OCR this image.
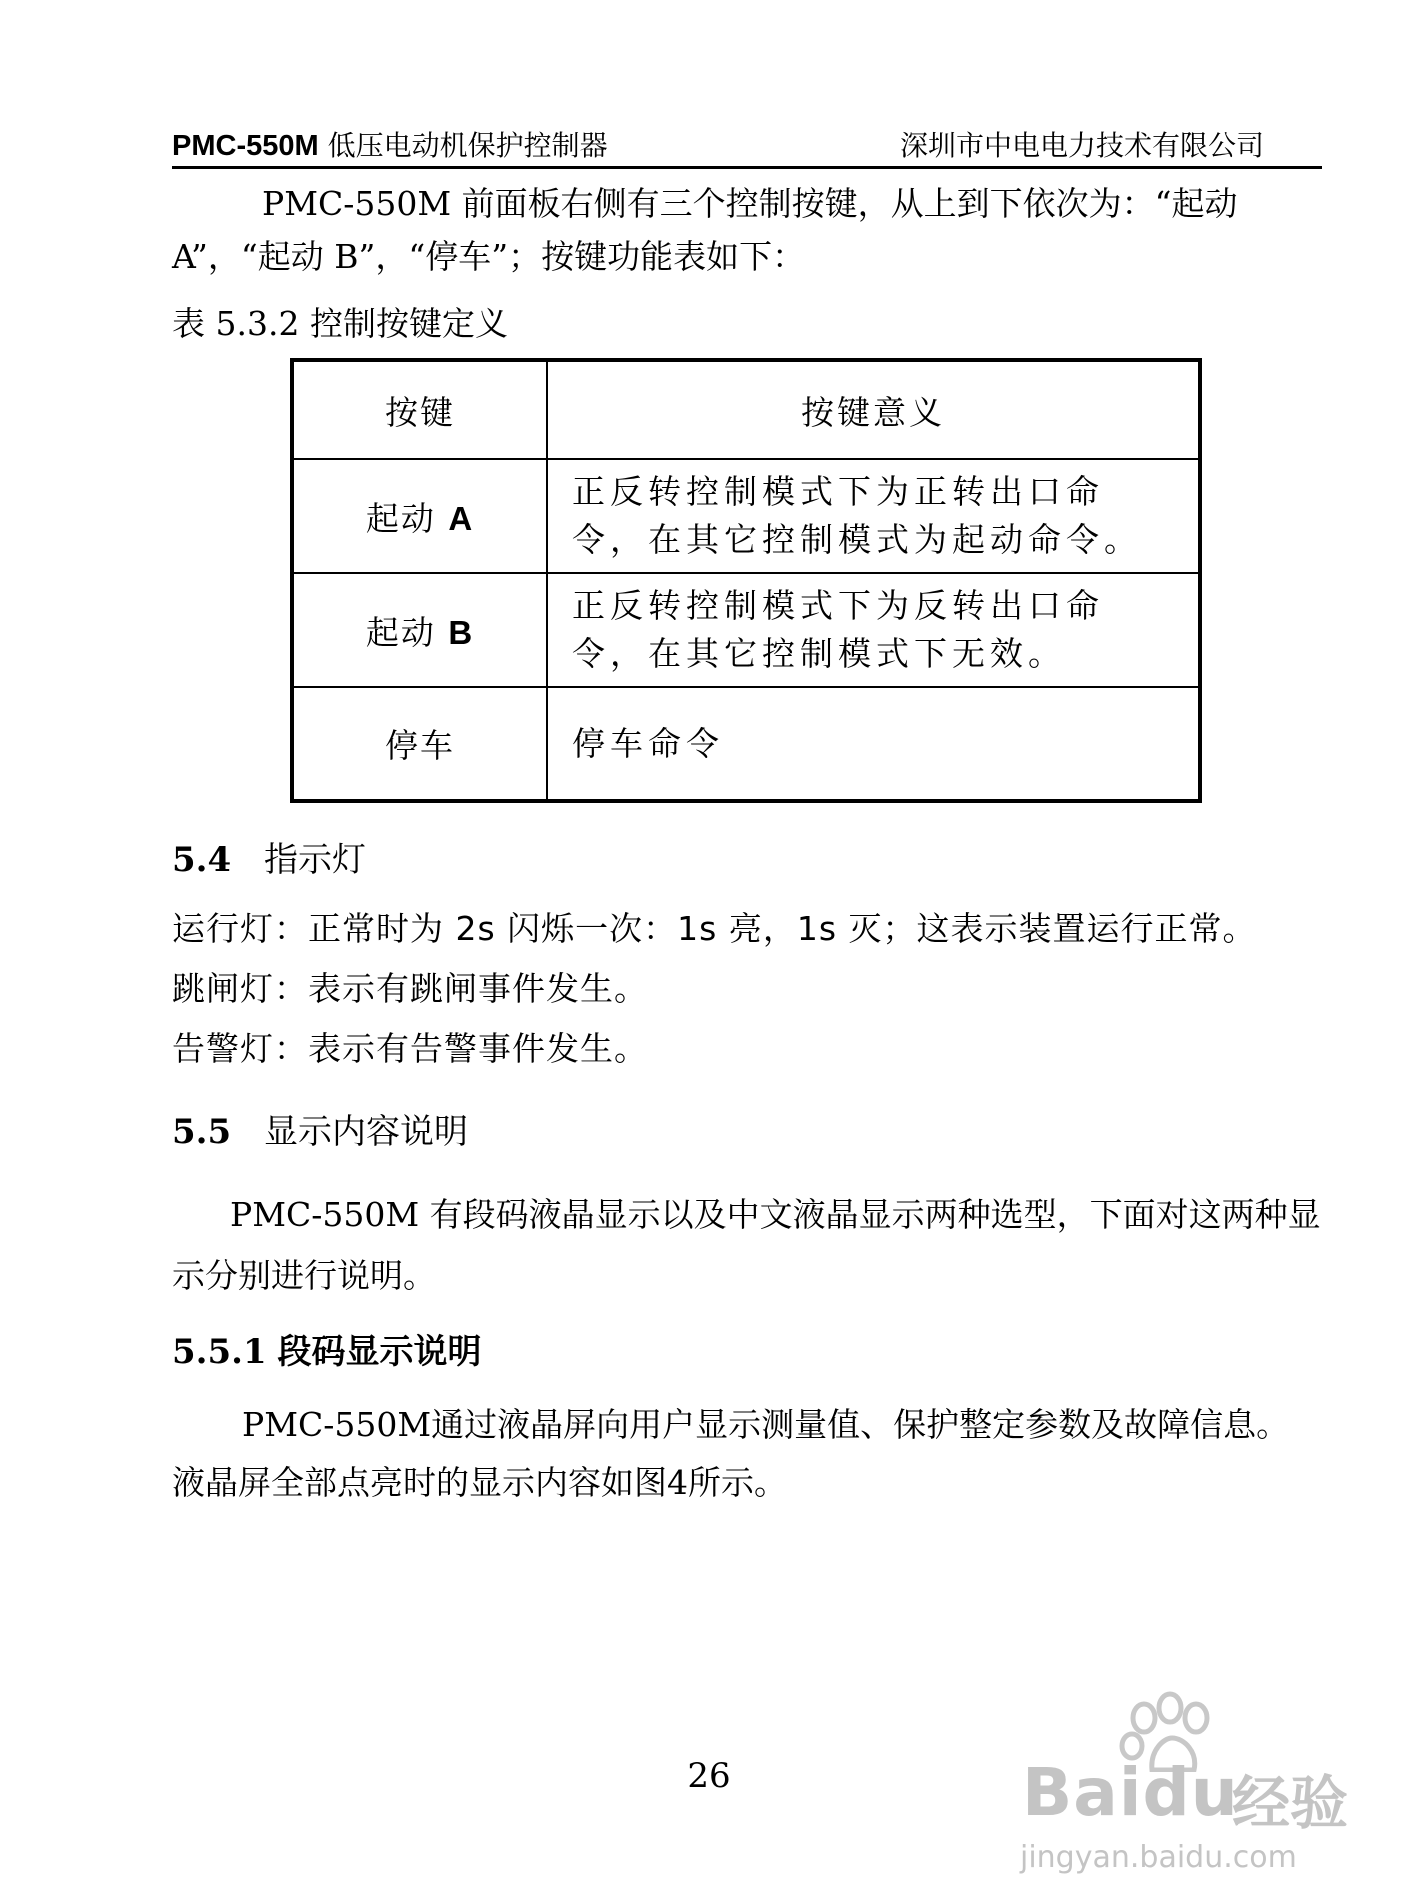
PMC-550M 低压电动机保护控制器	深圳市中电电力技术有限公司
PMC-550M 前面板右侧有三个控制按键，从上到下依次为：“起动 A”，“起动 B”，“停车”；按键功能表如下：
表 5.3.2 控制按键定义
按键	按键意义
起动 A	正反转控制模式下为正转出口命令，在其它控制模式为起动命令。
起动 B	正反转控制模式下为反转出口命令，在其它控制模式下无效。
停车	停车命令
5.4 指示灯
运行灯：正常时为 2s 闪烁一次：1s 亮，1s 灭；这表示装置运行正常。
跳闸灯：表示有跳闸事件发生。
告警灯：表示有告警事件发生。
5.5 显示内容说明
PMC-550M 有段码液晶显示以及中文液晶显示两种选型，下面对这两种显示分别进行说明。
5.5.1 段码显示说明
PMC-550M通过液晶屏向用户显示测量值、保护整定参数及故障信息。液晶屏全部点亮时的显示内容如图4所示。
26	Baidu
经验
jingyan.baidu.com
